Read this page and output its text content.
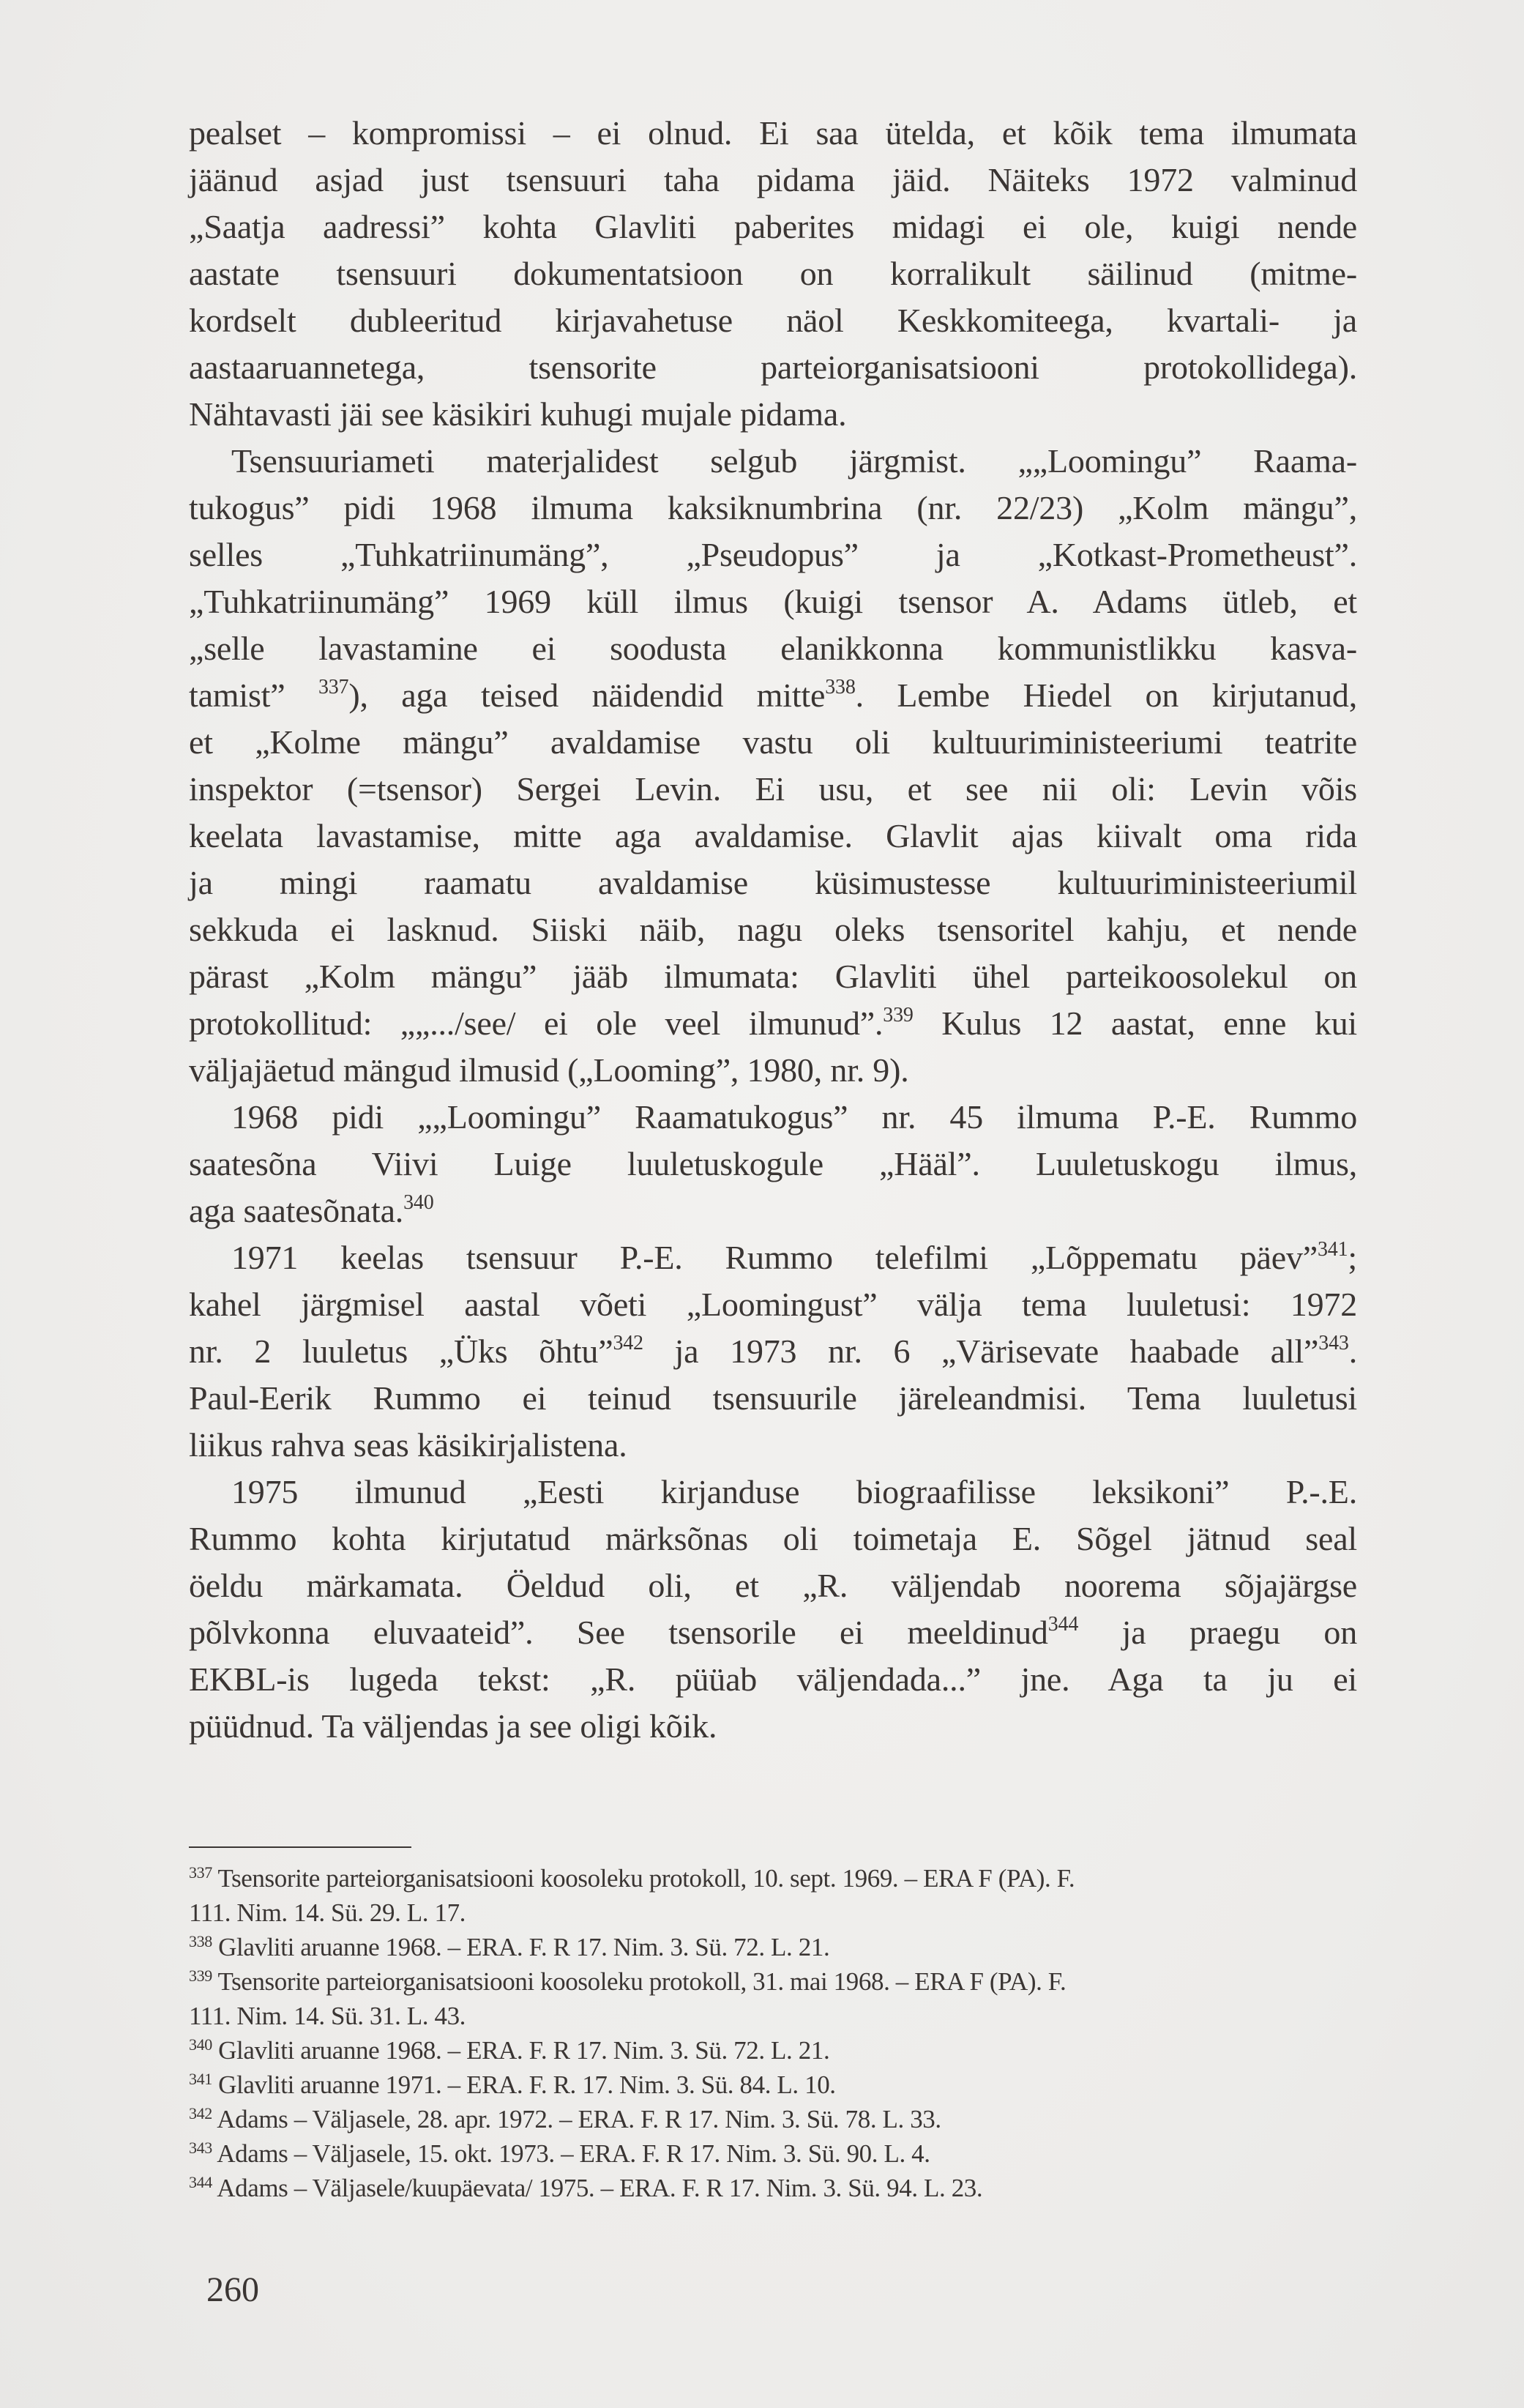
pealset – kompromissi – ei olnud. Ei saa ütelda, et kõik tema ilmumata
jäänud asjad just tsensuuri taha pidama jäid. Näiteks 1972 valminud
„Saatja aadressi” kohta Glavliti paberites midagi ei ole, kuigi nende
aastate tsensuuri dokumentatsioon on korralikult säilinud (mitme-
kordselt dubleeritud kirjavahetuse näol Keskkomiteega, kvartali- ja
aastaaruannetega, tsensorite parteiorganisatsiooni protokollidega).
Nähtavasti jäi see käsikiri kuhugi mujale pidama.
Tsensuuriameti materjalidest selgub järgmist. „„Loomingu” Raama-
tukogus” pidi 1968 ilmuma kaksiknumbrina (nr. 22/23) „Kolm mängu”,
selles „Tuhkatriinumäng”, „Pseudopus” ja „Kotkast-Prometheust”.
„Tuhkatriinumäng” 1969 küll ilmus (kuigi tsensor A. Adams ütleb, et
„selle lavastamine ei soodusta elanikkonna kommunistlikku kasva-
tamist” $^{337}$), aga teised näidendid mitte$^{338}$. Lembe Hiedel on kirjutanud,
et „Kolme mängu” avaldamise vastu oli kultuuriministeeriumi teatrite
inspektor (=tsensor) Sergei Levin. Ei usu, et see nii oli: Levin võis
keelata lavastamise, mitte aga avaldamise. Glavlit ajas kiivalt oma rida
ja mingi raamatu avaldamise küsimustesse kultuuriministeeriumil
sekkuda ei lasknud. Siiski näib, nagu oleks tsensoritel kahju, et nende
pärast „Kolm mängu” jääb ilmumata: Glavliti ühel parteikoosolekul on
protokollitud: „„.../see/ ei ole veel ilmunud”.$^{339}$ Kulus 12 aastat, enne kui
väljajäetud mängud ilmusid („Looming”, 1980, nr. 9).
1968 pidi „„Loomingu” Raamatukogus” nr. 45 ilmuma P.-E. Rummo
saatesõna Viivi Luige luuletuskogule „Hääl”. Luuletuskogu ilmus,
aga saatesõnata.$^{340}$
1971 keelas tsensuur P.-E. Rummo telefilmi „Lõppematu päev”$^{341}$;
kahel järgmisel aastal võeti „Loomingust” välja tema luuletusi: 1972
nr. 2 luuletus „Üks õhtu”$^{342}$ ja 1973 nr. 6 „Värisevate haabade all”$^{343}$.
Paul-Eerik Rummo ei teinud tsensuurile järeleandmisi. Tema luuletusi
liikus rahva seas käsikirjalistena.
1975 ilmunud „Eesti kirjanduse biograafilisse leksikoni” P.-.E.
Rummo kohta kirjutatud märksõnas oli toimetaja E. Sõgel jätnud seal
öeldu märkamata. Öeldud oli, et „R. väljendab noorema sõjajärgse
põlvkonna eluvaateid”. See tsensorile ei meeldinud$^{344}$ ja praegu on
EKBL-is lugeda tekst: „R. püüab väljendada...” jne. Aga ta ju ei
püüdnud. Ta väljendas ja see oligi kõik.
$^{337}$ Tsensorite parteiorganisatsiooni koosoleku protokoll, 10. sept. 1969. – ERA F (PA). F.
111. Nim. 14. Sü. 29. L. 17.
$^{338}$ Glavliti aruanne 1968. – ERA. F. R 17. Nim. 3. Sü. 72. L. 21.
$^{339}$ Tsensorite parteiorganisatsiooni koosoleku protokoll, 31. mai 1968. – ERA F (PA). F.
111. Nim. 14. Sü. 31. L. 43.
$^{340}$ Glavliti aruanne 1968. – ERA. F. R 17. Nim. 3. Sü. 72. L. 21.
$^{341}$ Glavliti aruanne 1971. – ERA. F. R. 17. Nim. 3. Sü. 84. L. 10.
$^{342}$ Adams – Väljasele, 28. apr. 1972. – ERA. F. R 17. Nim. 3. Sü. 78. L. 33.
$^{343}$ Adams – Väljasele, 15. okt. 1973. – ERA. F. R 17. Nim. 3. Sü. 90. L. 4.
$^{344}$ Adams – Väljasele/kuupäevata/ 1975. – ERA. F. R 17. Nim. 3. Sü. 94. L. 23.
260
